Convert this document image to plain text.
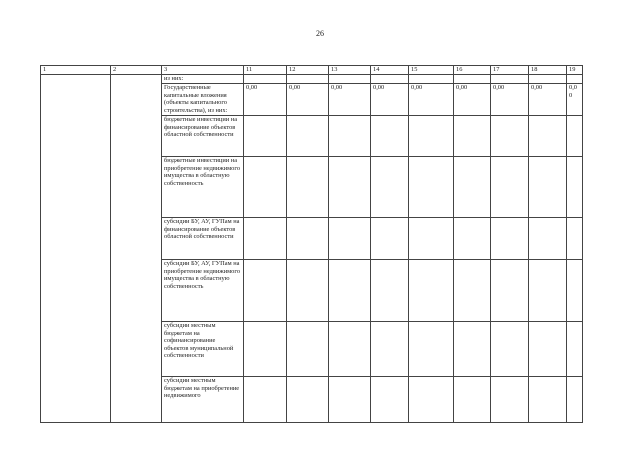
26
1	2	3	11	12	13	14	15	16	17	18	19
		из них:									
		Государственные капитальные вложения (объекты капитального строительства), из них:	0,00	0,00	0,00	0,00	0,00	0,00	0,00	0,00	0,00
		бюджетные инвестиции на финансирование объектов областной собственности									
		бюджетные инвестиции на приобретение недвижимого имущества в областную собственность									
		субсидии БУ, АУ, ГУПам на финансирование объектов областной собственности									
		субсидии БУ, АУ, ГУПам на приобретение недвижимого имущества в областную собственность									
		субсидии местным бюджетам на софинансирование объектов муниципальной собственности									
		субсидии местным бюджетам на приобретение недвижимого									
